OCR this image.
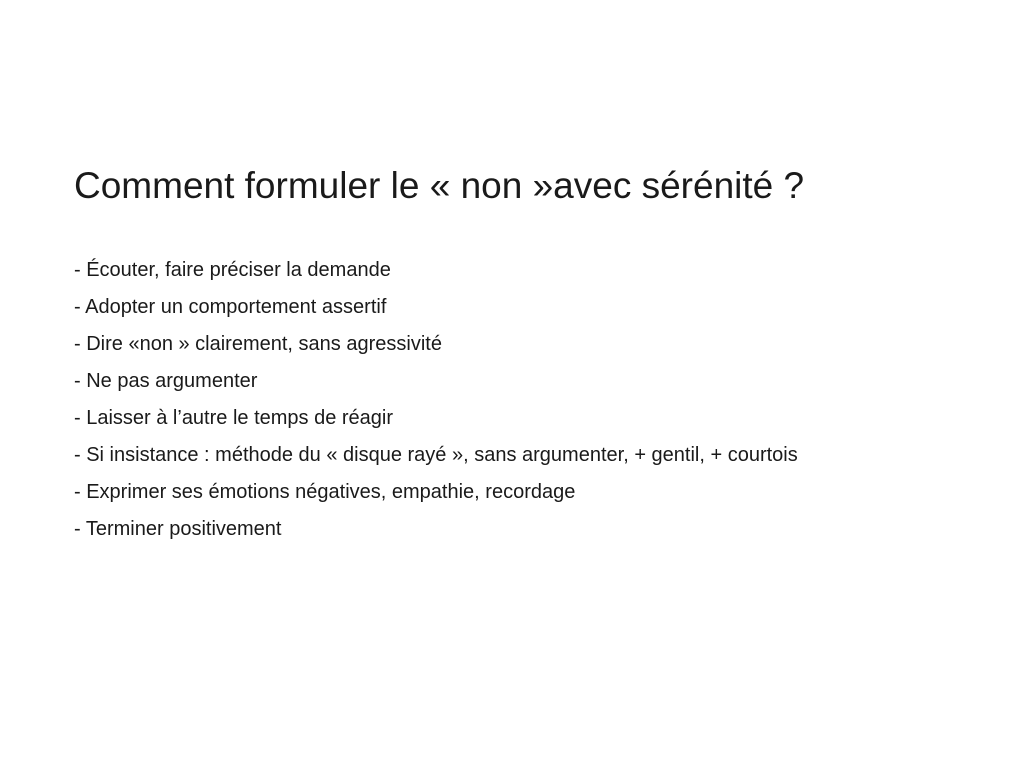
Comment formuler le « non »avec sérénité ?
- Écouter, faire préciser la demande
- Adopter un comportement assertif
- Dire «non » clairement, sans agressivité
- Ne pas argumenter
- Laisser à l’autre le temps de réagir
- Si insistance : méthode du « disque rayé », sans argumenter, + gentil, + courtois
- Exprimer ses émotions négatives, empathie, recordage
- Terminer positivement
